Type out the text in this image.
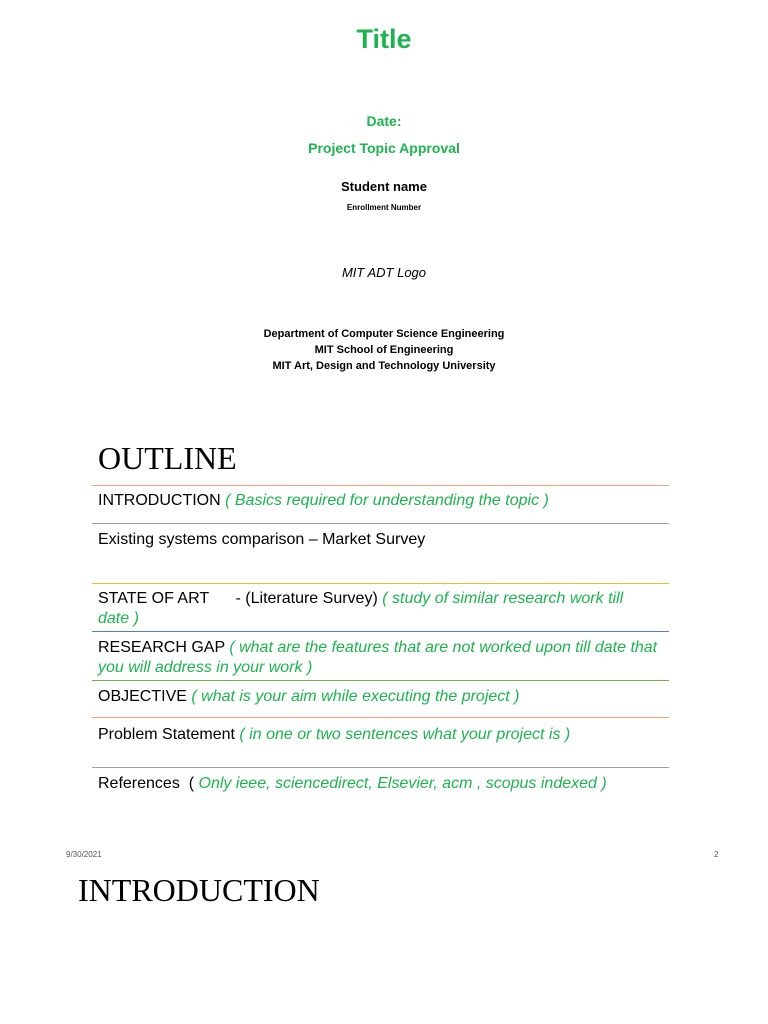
Title
Date:
Project Topic Approval
Student name
Enrollment Number
MIT ADT Logo
Department of Computer Science Engineering
MIT School of Engineering
MIT Art, Design and Technology University
OUTLINE
INTRODUCTION ( Basics required for understanding the topic )
Existing systems comparison – Market Survey
STATE OF ART      - (Literature Survey) ( study of similar research work till date )
RESEARCH GAP ( what are the features that are not worked upon till date that you will address in your work )
OBJECTIVE ( what is your aim while executing the project )
Problem Statement ( in one or two sentences what your project is )
References  ( Only ieee, sciencedirect, Elsevier, acm , scopus indexed )
9/30/2021	2
INTRODUCTION
